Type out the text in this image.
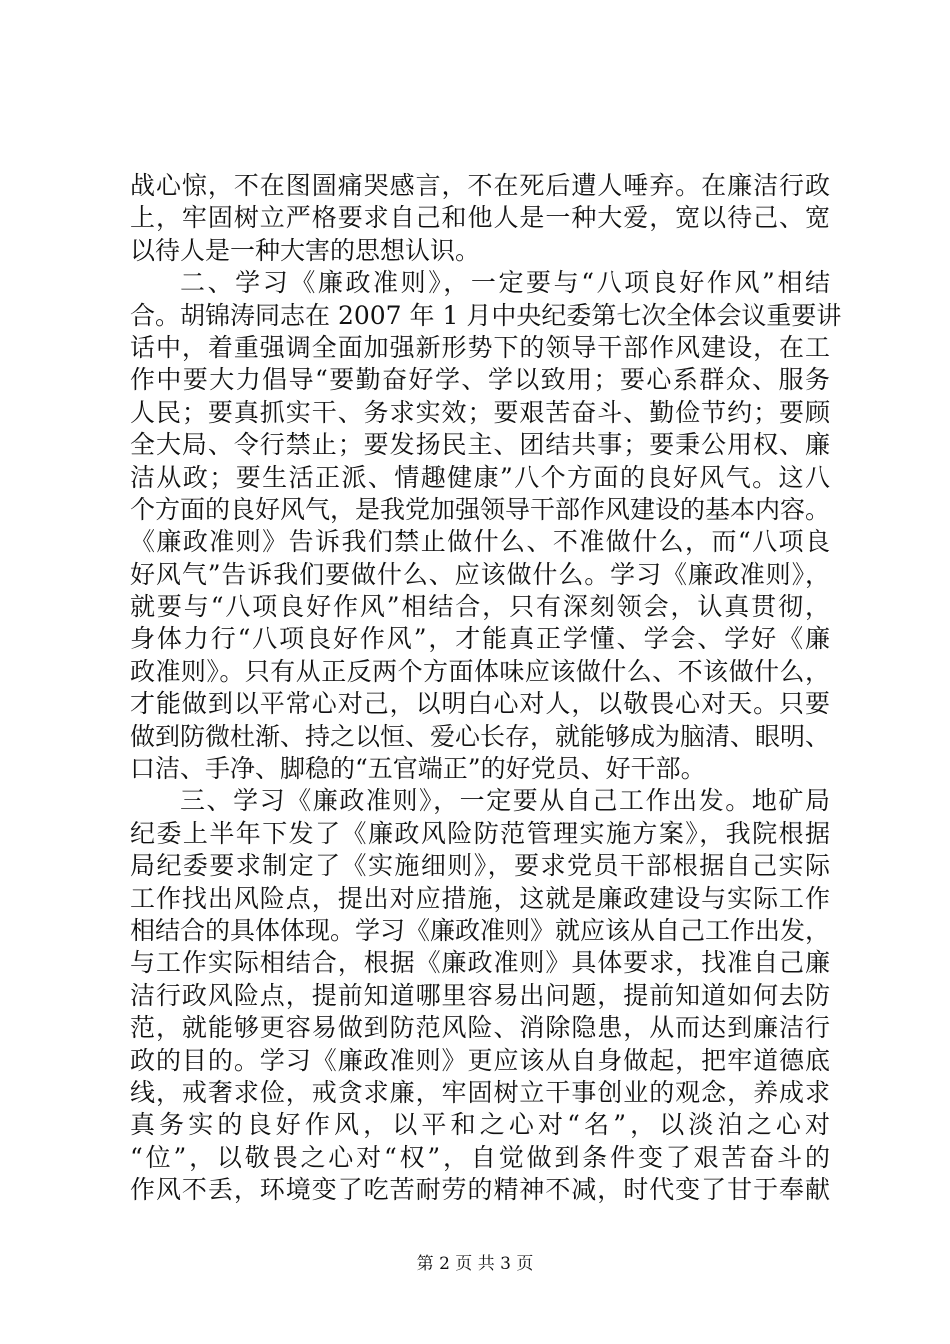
战心惊，不在图圄痛哭感言，不在死后遭人唾弃。在廉洁行政
上，牢固树立严格要求自己和他人是一种大爱，宽以待己、宽
以待人是一种大害的思想认识。
二、学习《廉政准则》，一定要与“八项良好作风”相结
合。胡锦涛同志在 2007 年 1 月中央纪委第七次全体会议重要讲
话中，着重强调全面加强新形势下的领导干部作风建设，在工
作中要大力倡导“要勤奋好学、学以致用；要心系群众、服务
人民；要真抓实干、务求实效；要艰苦奋斗、勤俭节约；要顾
全大局、令行禁止；要发扬民主、团结共事；要秉公用权、廉
洁从政；要生活正派、情趣健康”八个方面的良好风气。这八
个方面的良好风气，是我党加强领导干部作风建设的基本内容。
《廉政准则》告诉我们禁止做什么、不准做什么，而“八项良
好风气”告诉我们要做什么、应该做什么。学习《廉政准则》，
就要与“八项良好作风”相结合，只有深刻领会，认真贯彻，
身体力行“八项良好作风”，才能真正学懂、学会、学好《廉
政准则》。只有从正反两个方面体味应该做什么、不该做什么，
才能做到以平常心对己，以明白心对人，以敬畏心对天。只要
做到防微杜渐、持之以恒、爱心长存，就能够成为脑清、眼明、
口洁、手净、脚稳的“五官端正”的好党员、好干部。
三、学习《廉政准则》，一定要从自己工作出发。地矿局
纪委上半年下发了《廉政风险防范管理实施方案》，我院根据
局纪委要求制定了《实施细则》，要求党员干部根据自己实际
工作找出风险点，提出对应措施，这就是廉政建设与实际工作
相结合的具体体现。学习《廉政准则》就应该从自己工作出发，
与工作实际相结合，根据《廉政准则》具体要求，找准自己廉
洁行政风险点，提前知道哪里容易出问题，提前知道如何去防
范，就能够更容易做到防范风险、消除隐患，从而达到廉洁行
政的目的。学习《廉政准则》更应该从自身做起，把牢道德底
线，戒奢求俭，戒贪求廉，牢固树立干事创业的观念，养成求
真务实的良好作风，以平和之心对“名”，以淡泊之心对
“位”，以敬畏之心对“权”，自觉做到条件变了艰苦奋斗的
作风不丢，环境变了吃苦耐劳的精神不减，时代变了甘于奉献
第 2 页 共 3 页
